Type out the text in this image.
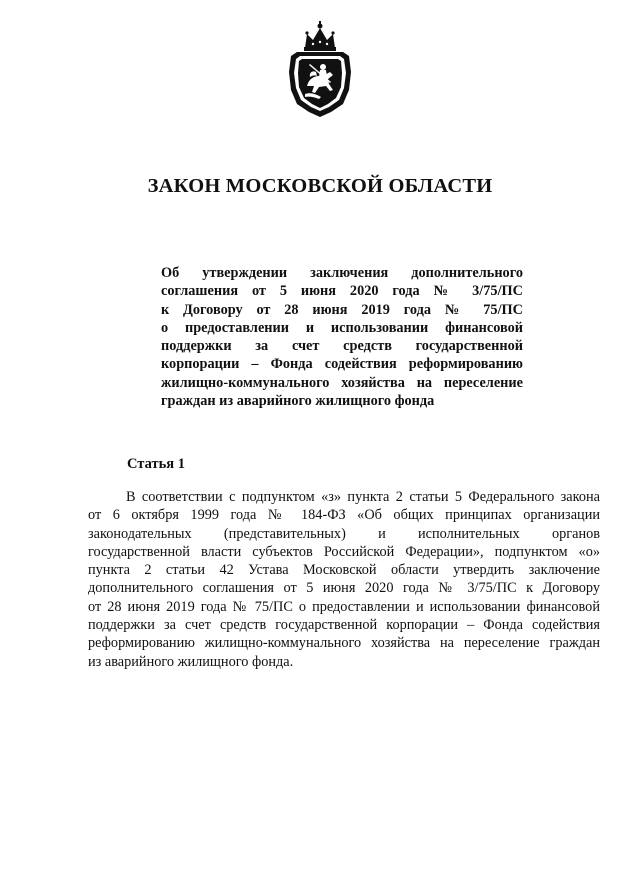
ЗАКОН МОСКОВСКОЙ ОБЛАСТИ
Об утверждении заключения дополнительного
соглашения от 5 июня 2020 года № 3/75/ПС
к Договору от 28 июня 2019 года № 75/ПС
о предоставлении и использовании финансовой
поддержки за счет средств государственной
корпорации – Фонда содействия реформированию
жилищно-коммунального хозяйства на переселение
граждан из аварийного жилищного фонда
Статья 1
В соответствии с подпунктом «з» пункта 2 статьи 5 Федерального закона
от 6 октября 1999 года № 184-ФЗ «Об общих принципах организации
законодательных (представительных) и исполнительных органов
государственной власти субъектов Российской Федерации», подпунктом «о»
пункта 2 статьи 42 Устава Московской области утвердить заключение
дополнительного соглашения от 5 июня 2020 года № 3/75/ПС к Договору
от 28 июня 2019 года № 75/ПС о предоставлении и использовании финансовой
поддержки за счет средств государственной корпорации – Фонда содействия
реформированию жилищно-коммунального хозяйства на переселение граждан
из аварийного жилищного фонда.
